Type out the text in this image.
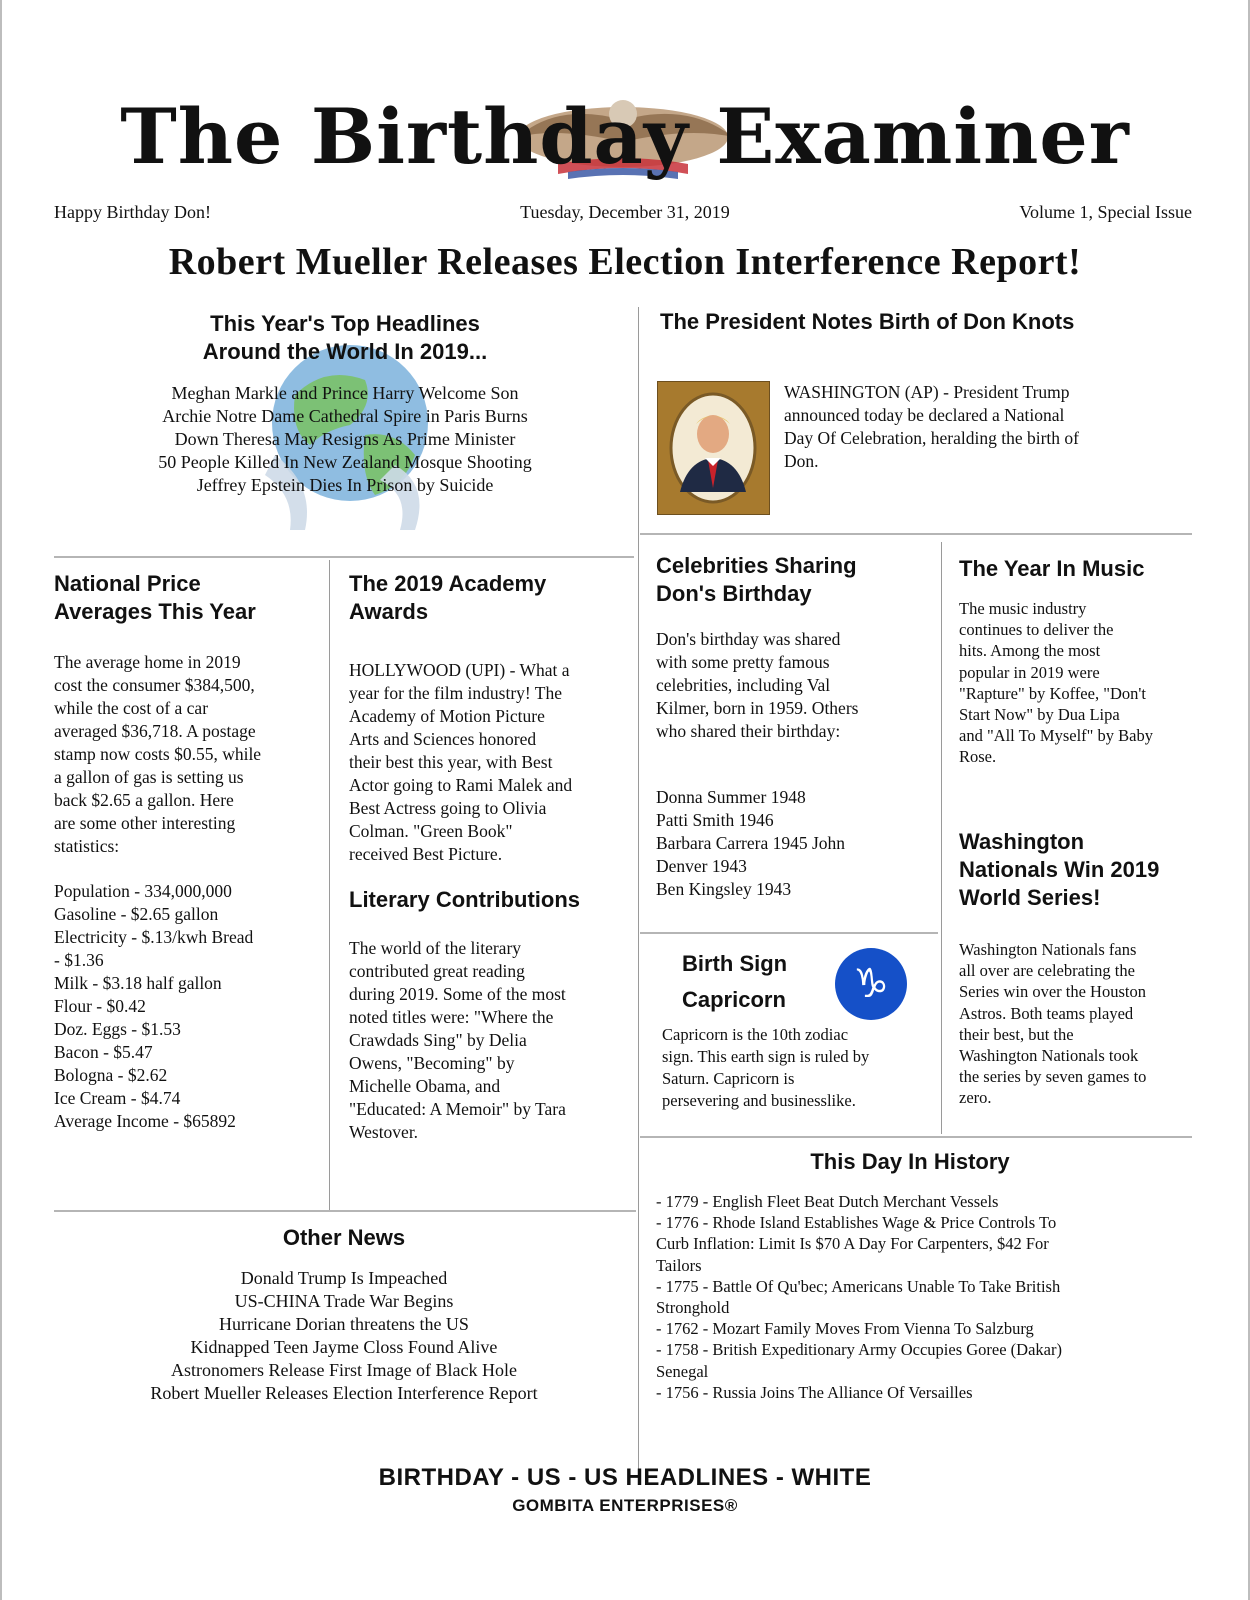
The Birthday Examiner
Happy Birthday Don!	Tuesday, December 31, 2019	Volume 1, Special Issue
Robert Mueller Releases Election Interference Report!
This Year's Top Headlines
Around the World In 2019...
Meghan Markle and Prince Harry Welcome Son
Archie Notre Dame Cathedral Spire in Paris Burns
Down Theresa May Resigns As Prime Minister
50 People Killed In New Zealand Mosque Shooting
Jeffrey Epstein Dies In Prison by Suicide
The President Notes Birth of Don Knots
WASHINGTON (AP) - President Trump
announced today be declared a National
Day Of Celebration, heralding the birth of
Don.
National Price
Averages This Year
The average home in 2019
cost the consumer $384,500,
while the cost of a car
averaged $36,718. A postage
stamp now costs $0.55, while
a gallon of gas is setting us
back $2.65 a gallon. Here
are some other interesting
statistics:
Population - 334,000,000
Gasoline - $2.65 gallon
Electricity - $.13/kwh Bread
- $1.36
Milk - $3.18 half gallon
Flour - $0.42
Doz. Eggs - $1.53
Bacon - $5.47
Bologna - $2.62
Ice Cream - $4.74
Average Income - $65892
The 2019 Academy
Awards
HOLLYWOOD (UPI) - What a
year for the film industry! The
Academy of Motion Picture
Arts and Sciences honored
their best this year, with Best
Actor going to Rami Malek and
Best Actress going to Olivia
Colman. "Green Book"
received Best Picture.
Literary Contributions
The world of the literary
contributed great reading
during 2019. Some of the most
noted titles were: "Where the
Crawdads Sing" by Delia
Owens, "Becoming" by
Michelle Obama, and
"Educated: A Memoir" by Tara
Westover.
Celebrities Sharing
Don's Birthday
Don's birthday was shared
with some pretty famous
celebrities, including Val
Kilmer, born in 1959. Others
who shared their birthday:
Donna Summer 1948
Patti Smith 1946
Barbara Carrera 1945 John
Denver 1943
Ben Kingsley 1943
Birth Sign
Capricorn	♑
Capricorn is the 10th zodiac
sign. This earth sign is ruled by
Saturn. Capricorn is
persevering and businesslike.
The Year In Music
The music industry
continues to deliver the
hits. Among the most
popular in 2019 were
"Rapture" by Koffee, "Don't
Start Now" by Dua Lipa
and "All To Myself" by Baby
Rose.
Washington
Nationals Win 2019
World Series!
Washington Nationals fans
all over are celebrating the
Series win over the Houston
Astros. Both teams played
their best, but the
Washington Nationals took
the series by seven games to
zero.
Other News
Donald Trump Is Impeached
US-CHINA Trade War Begins
Hurricane Dorian threatens the US
Kidnapped Teen Jayme Closs Found Alive
Astronomers Release First Image of Black Hole
Robert Mueller Releases Election Interference Report
This Day In History
- 1779 - English Fleet Beat Dutch Merchant Vessels
- 1776 - Rhode Island Establishes Wage & Price Controls To
Curb Inflation: Limit Is $70 A Day For Carpenters, $42 For
Tailors
- 1775 - Battle Of Qu'bec; Americans Unable To Take British
Stronghold
- 1762 - Mozart Family Moves From Vienna To Salzburg
- 1758 - British Expeditionary Army Occupies Goree (Dakar)
Senegal
- 1756 - Russia Joins The Alliance Of Versailles
BIRTHDAY - US - US HEADLINES - WHITE
GOMBITA ENTERPRISES®
